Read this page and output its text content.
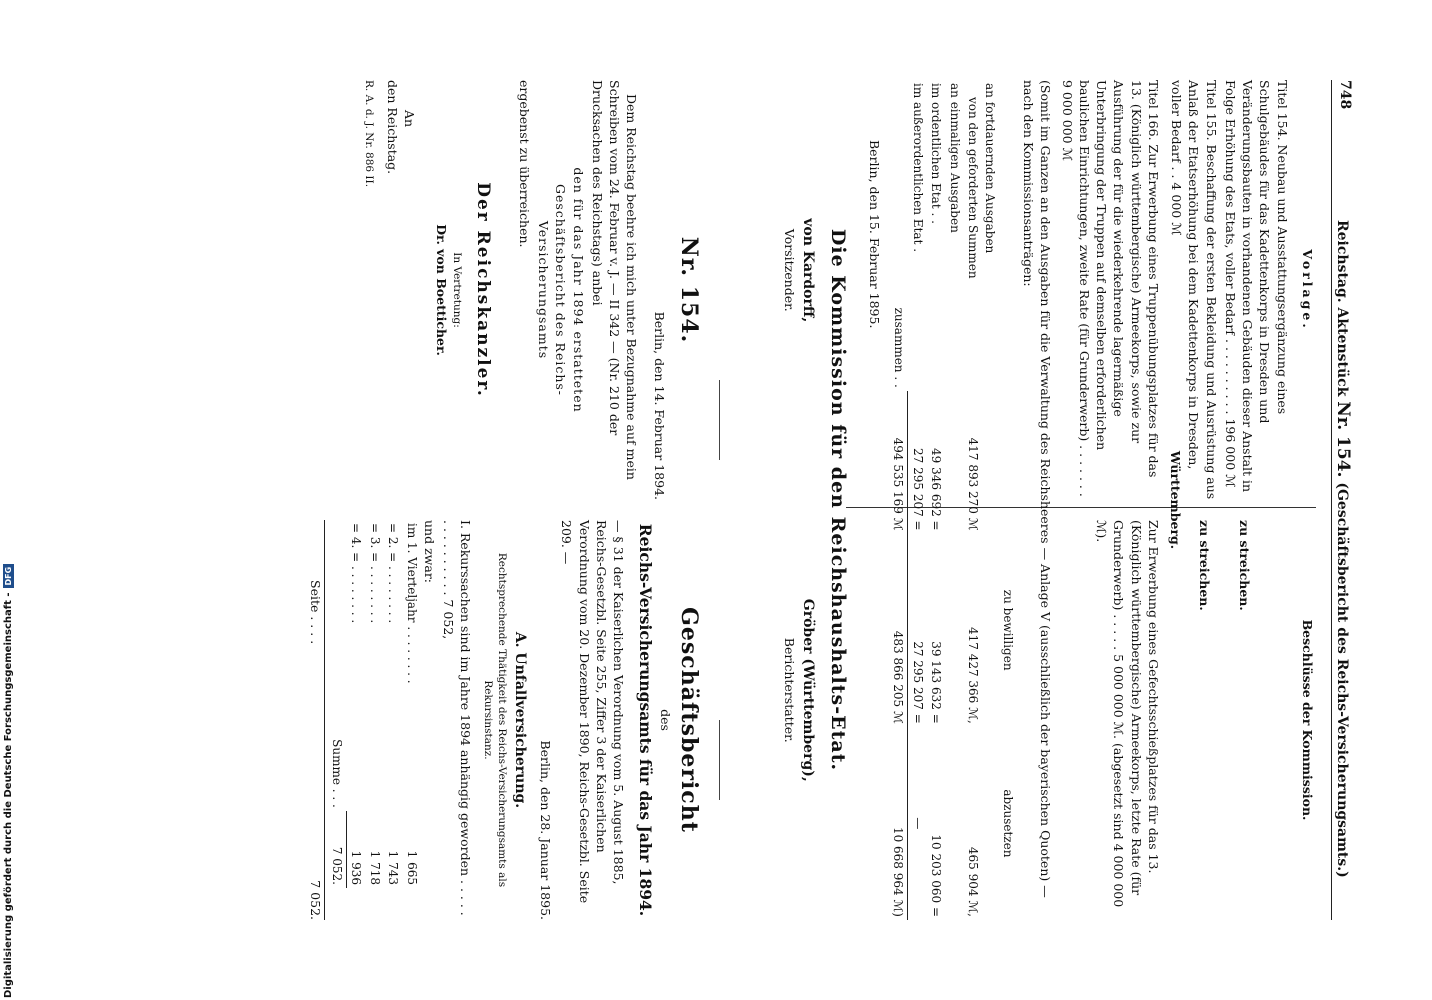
748
Reichstag. Aktenstück Nr. 154. (Geschäftsbericht des Reichs-Versicherungsamts.)
Vorlage.

Titel 154. Neubau und Ausstattungsergänzung eines Schulgebäudes für das Kadettenkorps in Dresden und Veränderungsbauten in vorhandenen Gebäuden dieser Anstalt in Folge Erhöhung des Etats, voller Bedarf . . . . . . . . . . 196 000 ℳ

Titel 155. Beschaffung der ersten Bekleidung und Ausrüstung aus Anlaß der Etatserhöhung bei dem Kadettenkorps in Dresden, voller Bedarf . . 4 000 ℳ

Beschlüsse der Kommission.
zu streichen.
zu streichen.
Württemberg.

Titel 166. Zur Erwerbung eines Truppenübungsplatzes für das 13. (Königlich württembergische) Armeekorps, sowie zur Ausführung der für die wiederkehrende lagermäßige Unterbringung der Truppen auf demselben erforderlichen baulichen Einrichtungen, zweite Rate (für Grunderwerb) . . . . . . . 9 000 000 ℳ

Zur Erwerbung eines Gefechtsschießplatzes für das 13. (Königlich württembergische) Armeekorps, letzte Rate (für Grunderwerb) . . . . . 5 000 000 ℳ. (abgesetzt sind 4 000 000 ℳ).

(Somit im Ganzen an den Ausgaben für die Verwaltung des Reichsheeres — Anlage V (ausschließlich der bayerischen Quoten) — nach den Kommissionsanträgen:

		zu bewilligen	abzusetzen
an fortdauernden Ausgaben
von den geforderten Summen	417 893 270 ℳ	417 427 366 ℳ,	465 904 ℳ,
an einmaligen Ausgaben			
im ordentlichen Etat . .	49 346 692 =	39 143 632 =	10 203 060 =
im außerordentlichen Etat .	27 295 207 =	27 295 207 =	—
zusammen . .	494 535 169 ℳ	483 866 205 ℳ	10 668 964 ℳ)
Berlin, den 15. Februar 1895.
Die Kommission für den Reichshaushalts-Etat.
von Kardorff,
Vorsitzender.
Gröber (Württemberg),
Berichterstatter.
Nr. 154.
Berlin, den 14. Februar 1894.

Dem Reichstag beehre ich mich unter Bezugnahme auf mein Schreiben vom 24. Februar v. J. — II 342 — (Nr. 210 der Drucksachen des Reichstags) anbei

den für das Jahr 1894 erstatteten Geschäftsbericht des Reichs-Versicherungsamts

ergebenst zu überreichen.

Der Reichskanzler.
In Vertretung:
Dr. von Boetticher.
An
den Reichstag.
R. A. d. J. Nr. 886 II.
Geschäftsbericht
des
Reichs-Versicherungsamts für das Jahr 1894.

— § 31 der Kaiserlichen Verordnung vom 5. August 1885, Reichs-Gesetzbl. Seite 255, Ziffer 3 der Kaiserlichen Verordnung vom 20. Dezember 1890, Reichs-Gesetzbl. Seite 209. —

Berlin, den 28. Januar 1895.
A. Unfallversicherung.
Rechtsprechende Thätigkeit des Reichs-Versicherungsamts als Rekursinstanz.

I. Rekurssachen sind im Jahre 1894 anhängig geworden . . . . . . . . . . . . . . . 7 052,

und zwar:
im 1. Vierteljahr . . . . . . . .	1 665
= 2. = . . . . . . . .	1 743
= 3. = . . . . . . . .	1 718
= 4. = . . . . . . . .	1 936
Summe . . .	7 052.
Seite . . . .
7 052.
Digitalisierung gefördert durch die Deutsche Forschungsgemeinschaft -
DFG
